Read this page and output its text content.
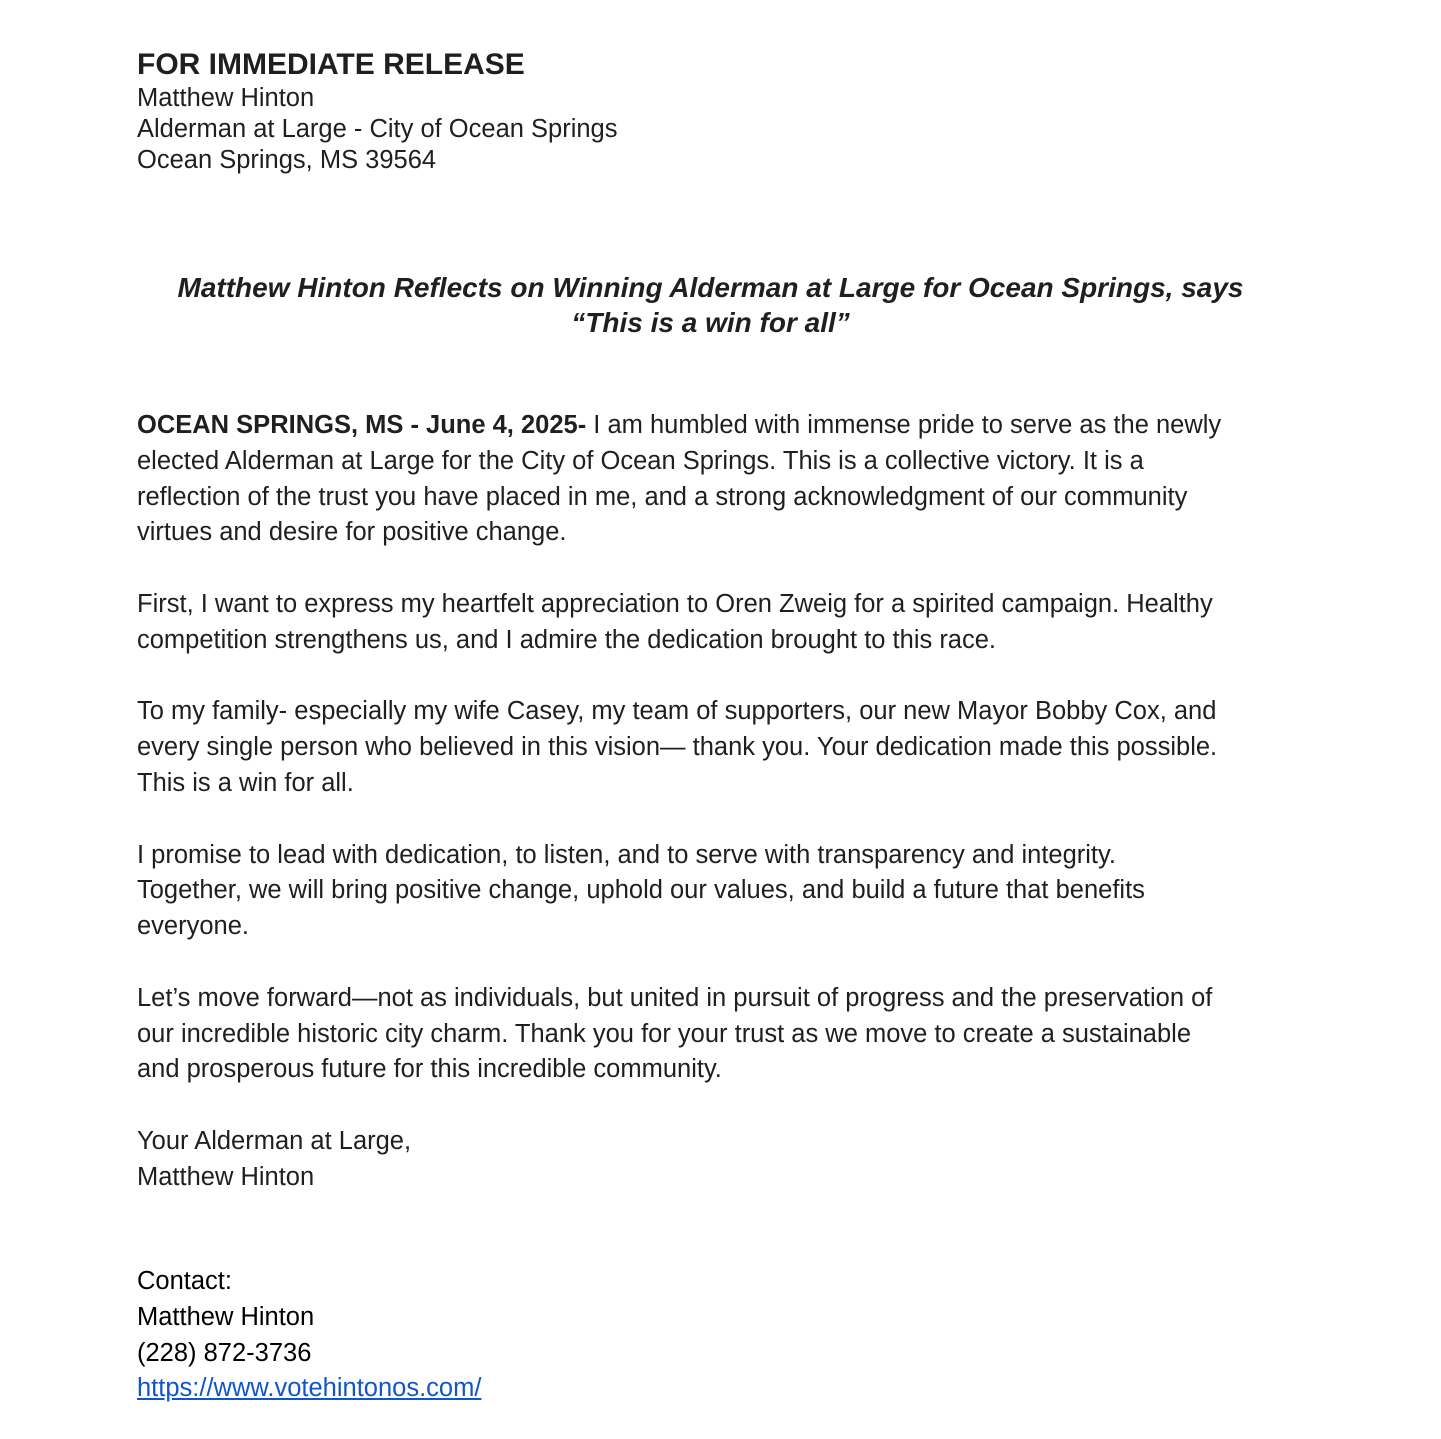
FOR IMMEDIATE RELEASE
Matthew Hinton
Alderman at Large - City of Ocean Springs
Ocean Springs, MS 39564
Matthew Hinton Reflects on Winning Alderman at Large for Ocean Springs, says
“This is a win for all”

OCEAN SPRINGS, MS - June 4, 2025- I am humbled with immense pride to serve as the newly
elected Alderman at Large for the City of Ocean Springs. This is a collective victory. It is a
reflection of the trust you have placed in me, and a strong acknowledgment of our community
virtues and desire for positive change.

First, I want to express my heartfelt appreciation to Oren Zweig for a spirited campaign. Healthy
competition strengthens us, and I admire the dedication brought to this race.

To my family- especially my wife Casey, my team of supporters, our new Mayor Bobby Cox, and
every single person who believed in this vision— thank you. Your dedication made this possible.
This is a win for all.

I promise to lead with dedication, to listen, and to serve with transparency and integrity.
Together, we will bring positive change, uphold our values, and build a future that benefits
everyone.

Let’s move forward—not as individuals, but united in pursuit of progress and the preservation of
our incredible historic city charm. Thank you for your trust as we move to create a sustainable
and prosperous future for this incredible community.

Your Alderman at Large,
Matthew Hinton
Contact:
Matthew Hinton
(228) 872-3736
https://www.votehintonos.com/
